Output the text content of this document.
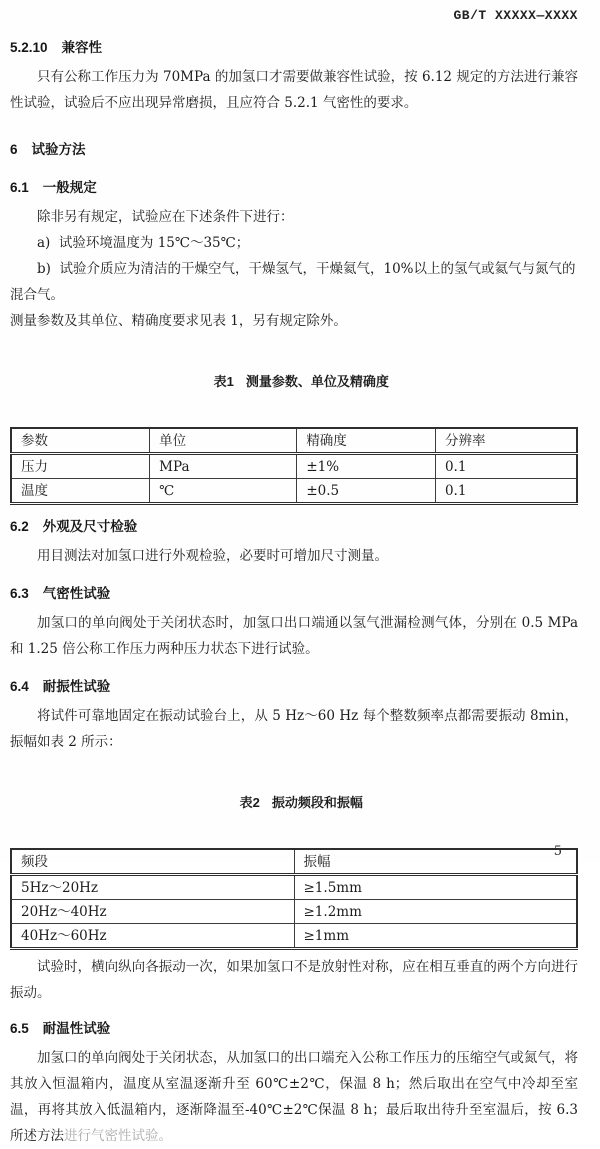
GB/T XXXXX—XXXX
5.2.10 兼容性
只有公称工作压力为 70MPa 的加氢口才需要做兼容性试验，按 6.12 规定的方法进行兼容性试验，试验后不应出现异常磨损，且应符合 5.2.1 气密性的要求。
6 试验方法
6.1 一般规定
除非另有规定，试验应在下述条件下进行：
a)  试验环境温度为 15℃～35℃；
b)  试验介质应为清洁的干燥空气，干燥氢气，干燥氦气，10%以上的氢气或氦气与氮气的混合气。
测量参数及其单位、精确度要求见表 1，另有规定除外。

表1 测量参数、单位及精确度

参数	单位	精确度	分辨率
压力	MPa	±1%	0.1
温度	℃	±0.5	0.1
6.2 外观及尺寸检验
用目测法对加氢口进行外观检验，必要时可增加尺寸测量。
6.3 气密性试验
加氢口的单向阀处于关闭状态时，加氢口出口端通以氢气泄漏检测气体，分别在 0.5 MPa 和 1.25 倍公称工作压力两种压力状态下进行试验。
6.4 耐振性试验
将试件可靠地固定在振动试验台上，从 5 Hz～60 Hz 每个整数频率点都需要振动 8min，振幅如表 2 所示：

表2 振动频段和振幅

频段	振幅
5Hz～20Hz	≥1.5mm
20Hz～40Hz	≥1.2mm
40Hz～60Hz	≥1mm
试验时，横向纵向各振动一次，如果加氢口不是放射性对称，应在相互垂直的两个方向进行振动。
6.5 耐温性试验
加氢口的单向阀处于关闭状态，从加氢口的出口端充入公称工作压力的压缩空气或氮气，将其放入恒温箱内，温度从室温逐渐升至 60℃±2℃，保温 8 h；然后取出在空气中冷却至室温，再将其放入低温箱内，逐渐降温至-40℃±2℃保温 8 h；最后取出待升至室温后，按 6.3 所述方法进行气密性试验。
5
